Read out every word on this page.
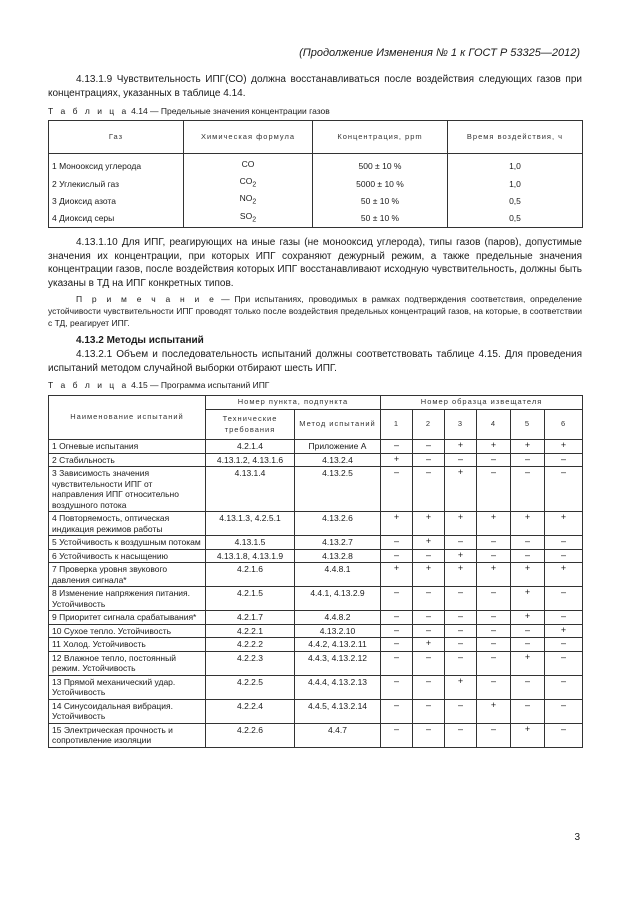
(Продолжение Изменения № 1 к ГОСТ Р 53325—2012)
4.13.1.9 Чувствительность ИПГ(СО) должна восстанавливаться после воздействия следующих газов при концентрациях, указанных в таблице 4.14.
Т а б л и ц а 4.14 — Предельные значения концентрации газов
Газ	Химическая формула	Концентрация, ppm	Время воздействия, ч
1 Монооксид углерода	CO	500 ± 10 %	1,0
2 Углекислый газ	$CO_2$	5000 ± 10 %	1,0
3 Диоксид азота	$NO_2$	50 ± 10 %	0,5
4 Диоксид серы	$SO_2$	50 ± 10 %	0,5
4.13.1.10 Для ИПГ, реагирующих на иные газы (не монооксид углерода), типы газов (паров), допустимые значения их концентрации, при которых ИПГ сохраняют дежурный режим, а также предельные значения концентрации газов, после воздействия которых ИПГ восстанавливают исходную чувствительность, должны быть указаны в ТД на ИПГ конкретных типов.
П р и м е ч а н и е — При испытаниях, проводимых в рамках подтверждения соответствия, определение устойчивости чувствительности ИПГ проводят только после воздействия предельных концентраций газов, на которые, в соответствии с ТД, реагирует ИПГ.
4.13.2 Методы испытаний
4.13.2.1 Объем и последовательность испытаний должны соответствовать таблице 4.15. Для проведения испытаний методом случайной выборки отбирают шесть ИПГ.
Т а б л и ц а 4.15 — Программа испытаний ИПГ
Наименование испытаний	Номер пункта, подпункта		Номер образца извещателя					
	Технические требования	Метод испытаний	1	2	3	4	5	6
1 Огневые испытания	4.2.1.4	Приложение А	–	–	+	+	+	+
2 Стабильность	4.13.1.2, 4.13.1.6	4.13.2.4	+	–	–	–	–	–
3 Зависимость значения чувствительности ИПГ от направления ИПГ относительно воздушного потока	4.13.1.4	4.13.2.5	–	–	+	–	–	–
4 Повторяемость, оптическая индикация режимов работы	4.13.1.3, 4.2.5.1	4.13.2.6	+	+	+	+	+	+
5 Устойчивость к воздушным потокам	4.13.1.5	4.13.2.7	–	+	–	–	–	–
6 Устойчивость к насыщению	4.13.1.8, 4.13.1.9	4.13.2.8	–	–	+	–	–	–
7 Проверка уровня звукового давления сигнала*	4.2.1.6	4.4.8.1	+	+	+	+	+	+
8 Изменение напряжения питания. Устойчивость	4.2.1.5	4.4.1, 4.13.2.9	–	–	–	–	+	–
9 Приоритет сигнала срабатывания*	4.2.1.7	4.4.8.2	–	–	–	–	+	–
10 Сухое тепло. Устойчивость	4.2.2.1	4.13.2.10	–	–	–	–	–	+
11 Холод. Устойчивость	4.2.2.2	4.4.2, 4.13.2.11	–	+	–	–	–	–
12 Влажное тепло, постоянный режим. Устойчивость	4.2.2.3	4.4.3, 4.13.2.12	–	–	–	–	+	–
13 Прямой механический удар. Устойчивость	4.2.2.5	4.4.4, 4.13.2.13	–	–	+	–	–	–
14 Синусоидальная вибрация. Устойчивость	4.2.2.4	4.4.5, 4.13.2.14	–	–	–	+	–	–
15 Электрическая прочность и сопротивление изоляции	4.2.2.6	4.4.7	–	–	–	–	+	–
3
